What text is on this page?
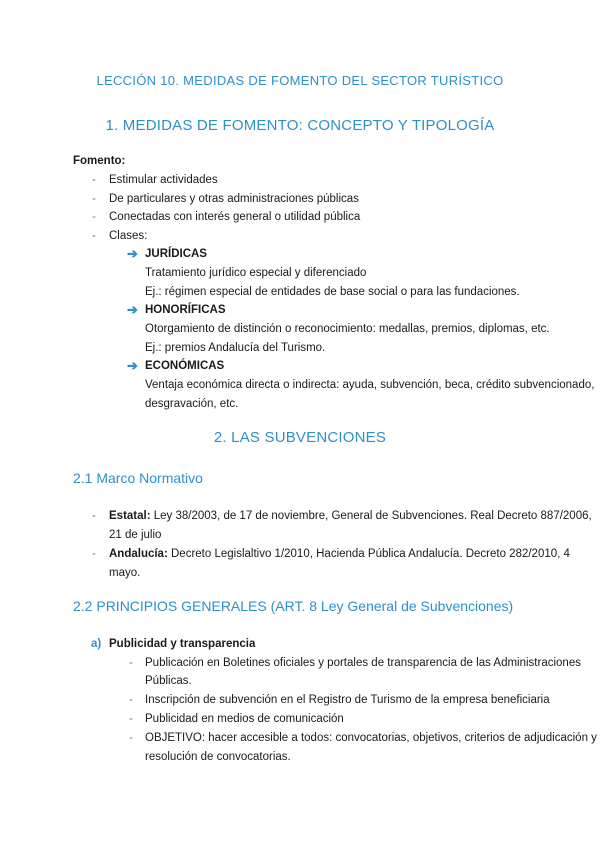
LECCIÓN 10. MEDIDAS DE FOMENTO DEL SECTOR TURÍSTICO
1. MEDIDAS DE FOMENTO: CONCEPTO Y TIPOLOGÍA
Fomento:
- Estimular actividades
- De particulares y otras administraciones públicas
- Conectadas con interés general o utilidad pública
- Clases:
➔ JURÍDICAS
Tratamiento jurídico especial y diferenciado
Ej.: régimen especial de entidades de base social o para las fundaciones.
➔ HONORÍFICAS
Otorgamiento de distinción o reconocimiento: medallas, premios, diplomas, etc.
Ej.: premios Andalucía del Turismo.
➔ ECONÓMICAS
Ventaja económica directa o indirecta: ayuda, subvención, beca, crédito subvencionado,
desgravación, etc.
2. LAS SUBVENCIONES
2.1 Marco Normativo
- Estatal: Ley 38/2003, de 17 de noviembre, General de Subvenciones. Real Decreto 887/2006,
21 de julio
- Andalucía: Decreto Legislaltivo 1/2010, Hacienda Pública Andalucía. Decreto 282/2010, 4
mayo.
2.2 PRINCIPIOS GENERALES (ART. 8 Ley General de Subvenciones)
a) Publicidad y transparencia
- Publicación en Boletines oficiales y portales de transparencia de las Administraciones
Públicas.
- Inscripción de subvención en el Registro de Turismo de la empresa beneficiaria
- Publicidad en medios de comunicación
- OBJETIVO: hacer accesible a todos: convocatorias, objetivos, criterios de adjudicación y
resolución de convocatorias.
